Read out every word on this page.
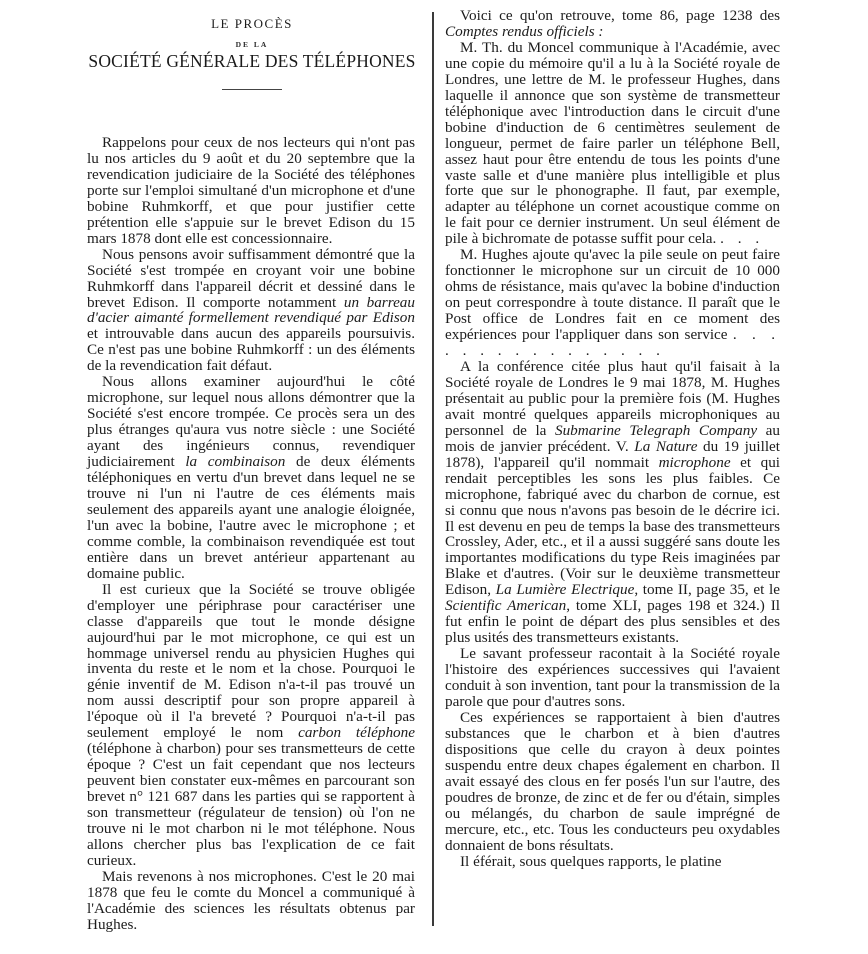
LE PROCÈS
DE LA
SOCIÉTÉ GÉNÉRALE DES TÉLÉPHONES

Rappelons pour ceux de nos lecteurs qui n'ont pas lu nos articles du 9 août et du 20 septembre que la revendication judiciaire de la Société des téléphones porte sur l'emploi simultané d'un microphone et d'une bobine Ruhmkorff, et que pour justifier cette prétention elle s'appuie sur le brevet Edison du 15 mars 1878 dont elle est concessionnaire.

Nous pensons avoir suffisamment démontré que la Société s'est trompée en croyant voir une bobine Ruhmkorff dans l'appareil décrit et dessiné dans le brevet Edison. Il comporte notamment un barreau d'acier aimanté formellement revendiqué par Edison et introuvable dans aucun des appareils poursuivis. Ce n'est pas une bobine Ruhmkorff : un des éléments de la revendication fait défaut.

Nous allons examiner aujourd'hui le côté microphone, sur lequel nous allons démontrer que la Société s'est encore trompée. Ce procès sera un des plus étranges qu'aura vus notre siècle : une Société ayant des ingénieurs connus, revendiquer judiciairement la combinaison de deux éléments téléphoniques en vertu d'un brevet dans lequel ne se trouve ni l'un ni l'autre de ces éléments mais seulement des appareils ayant une analogie éloignée, l'un avec la bobine, l'autre avec le microphone ; et comme comble, la combinaison revendiquée est tout entière dans un brevet antérieur appartenant au domaine public.

Il est curieux que la Société se trouve obligée d'employer une périphrase pour caractériser une classe d'appareils que tout le monde désigne aujourd'hui par le mot microphone, ce qui est un hommage universel rendu au physicien Hughes qui inventa du reste et le nom et la chose. Pourquoi le génie inventif de M. Edison n'a-t-il pas trouvé un nom aussi descriptif pour son propre appareil à l'époque où il l'a breveté ? Pourquoi n'a-t-il pas seulement employé le nom carbon téléphone (téléphone à charbon) pour ses transmetteurs de cette époque ? C'est un fait cependant que nos lecteurs peuvent bien constater eux-mêmes en parcourant son brevet n° 121 687 dans les parties qui se rapportent à son transmetteur (régulateur de tension) où l'on ne trouve ni le mot charbon ni le mot téléphone. Nous allons chercher plus bas l'explication de ce fait curieux.

Mais revenons à nos microphones. C'est le 20 mai 1878 que feu le comte du Moncel a communiqué à l'Académie des sciences les résultats obtenus par Hughes.

Voici ce qu'on retrouve, tome 86, page 1238 des Comptes rendus officiels :

M. Th. du Moncel communique à l'Académie, avec une copie du mémoire qu'il a lu à la Société royale de Londres, une lettre de M. le professeur Hughes, dans laquelle il annonce que son système de transmetteur téléphonique avec l'introduction dans le circuit d'une bobine d'induction de 6 centimètres seulement de longueur, permet de faire parler un téléphone Bell, assez haut pour être entendu de tous les points d'une vaste salle et d'une manière plus intelligible et plus forte que sur le phonographe. Il faut, par exemple, adapter au téléphone un cornet acoustique comme on le fait pour ce dernier instrument. Un seul élément de pile à bichromate de potasse suffit pour cela. . . .

M. Hughes ajoute qu'avec la pile seule on peut faire fonctionner le microphone sur un circuit de 10 000 ohms de résistance, mais qu'avec la bobine d'induction on peut correspondre à toute distance. Il paraît que le Post office de Londres fait en ce moment des expériences pour l'appliquer dans son service . . . . . . . . . . . . . . . .

A la conférence citée plus haut qu'il faisait à la Société royale de Londres le 9 mai 1878, M. Hughes présentait au public pour la première fois (M. Hughes avait montré quelques appareils microphoniques au personnel de la Submarine Telegraph Company au mois de janvier précédent. V. La Nature du 19 juillet 1878), l'appareil qu'il nommait microphone et qui rendait perceptibles les sons les plus faibles. Ce microphone, fabriqué avec du charbon de cornue, est si connu que nous n'avons pas besoin de le décrire ici. Il est devenu en peu de temps la base des transmetteurs Crossley, Ader, etc., et il a aussi suggéré sans doute les importantes modifications du type Reis imaginées par Blake et d'autres. (Voir sur le deuxième transmetteur Edison, La Lumière Electrique, tome II, page 35, et le Scientific American, tome XLI, pages 198 et 324.) Il fut enfin le point de départ des plus sensibles et des plus usités des transmetteurs existants.

Le savant professeur racontait à la Société royale l'histoire des expériences successives qui l'avaient conduit à son invention, tant pour la transmission de la parole que pour d'autres sons.

Ces expériences se rapportaient à bien d'autres substances que le charbon et à bien d'autres dispositions que celle du crayon à deux pointes suspendu entre deux chapes également en charbon. Il avait essayé des clous en fer posés l'un sur l'autre, des poudres de bronze, de zinc et de fer ou d'étain, simples ou mélangés, du charbon de saule imprégné de mercure, etc., etc. Tous les conducteurs peu oxydables donnaient de bons résultats.

Il éférait, sous quelques rapports, le platine
